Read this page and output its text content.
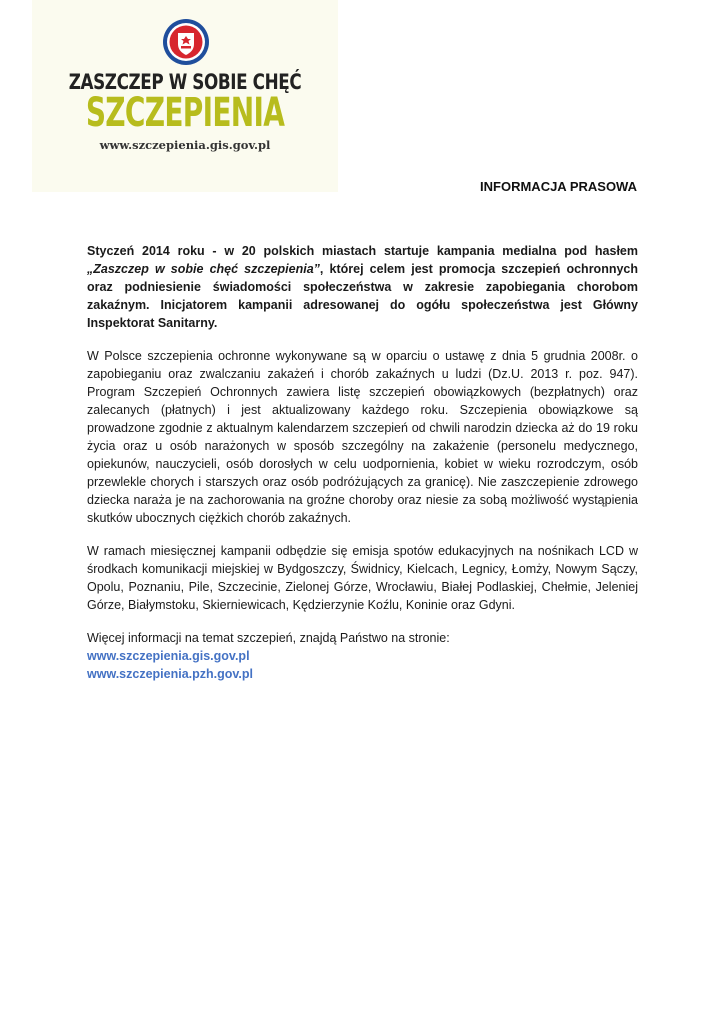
ZASZCZEP W SOBIE CHĘĆ
SZCZEPIENIA
www.szczepienia.gis.gov.pl
INFORMACJA PRASOWA

Styczeń 2014 roku - w 20 polskich miastach startuje kampania medialna pod hasłem „Zaszczep w sobie chęć szczepienia”, której celem jest promocja szczepień ochronnych oraz podniesienie świadomości społeczeństwa w zakresie zapobiegania chorobom zakaźnym. Inicjatorem kampanii adresowanej do ogółu społeczeństwa jest Główny Inspektorat Sanitarny.

W Polsce szczepienia ochronne wykonywane są w oparciu o ustawę z dnia 5 grudnia 2008r. o zapobieganiu oraz zwalczaniu zakażeń i chorób zakaźnych u ludzi (Dz.U. 2013 r. poz. 947). Program Szczepień Ochronnych zawiera listę szczepień obowiązkowych (bezpłatnych) oraz zalecanych (płatnych) i jest aktualizowany każdego roku. Szczepienia obowiązkowe są prowadzone zgodnie z aktualnym kalendarzem szczepień od chwili narodzin dziecka aż do 19 roku życia oraz u osób narażonych w sposób szczególny na zakażenie (personelu medycznego, opiekunów, nauczycieli, osób dorosłych w celu uodpornienia, kobiet w wieku rozrodczym, osób przewlekle chorych i starszych oraz osób podróżujących za granicę). Nie zaszczepienie zdrowego dziecka naraża je na zachorowania na groźne choroby oraz niesie za sobą możliwość wystąpienia skutków ubocznych ciężkich chorób zakaźnych.

W ramach miesięcznej kampanii odbędzie się emisja spotów edukacyjnych na nośnikach LCD w środkach komunikacji miejskiej w Bydgoszczy, Świdnicy, Kielcach, Legnicy, Łomży, Nowym Sączy, Opolu, Poznaniu, Pile, Szczecinie, Zielonej Górze, Wrocławiu, Białej Podlaskiej, Chełmie, Jeleniej Górze, Białymstoku, Skierniewicach, Kędzierzynie Koźlu, Koninie oraz Gdyni.

Więcej informacji na temat szczepień, znajdą Państwo na stronie:
www.szczepienia.gis.gov.pl
www.szczepienia.pzh.gov.pl
